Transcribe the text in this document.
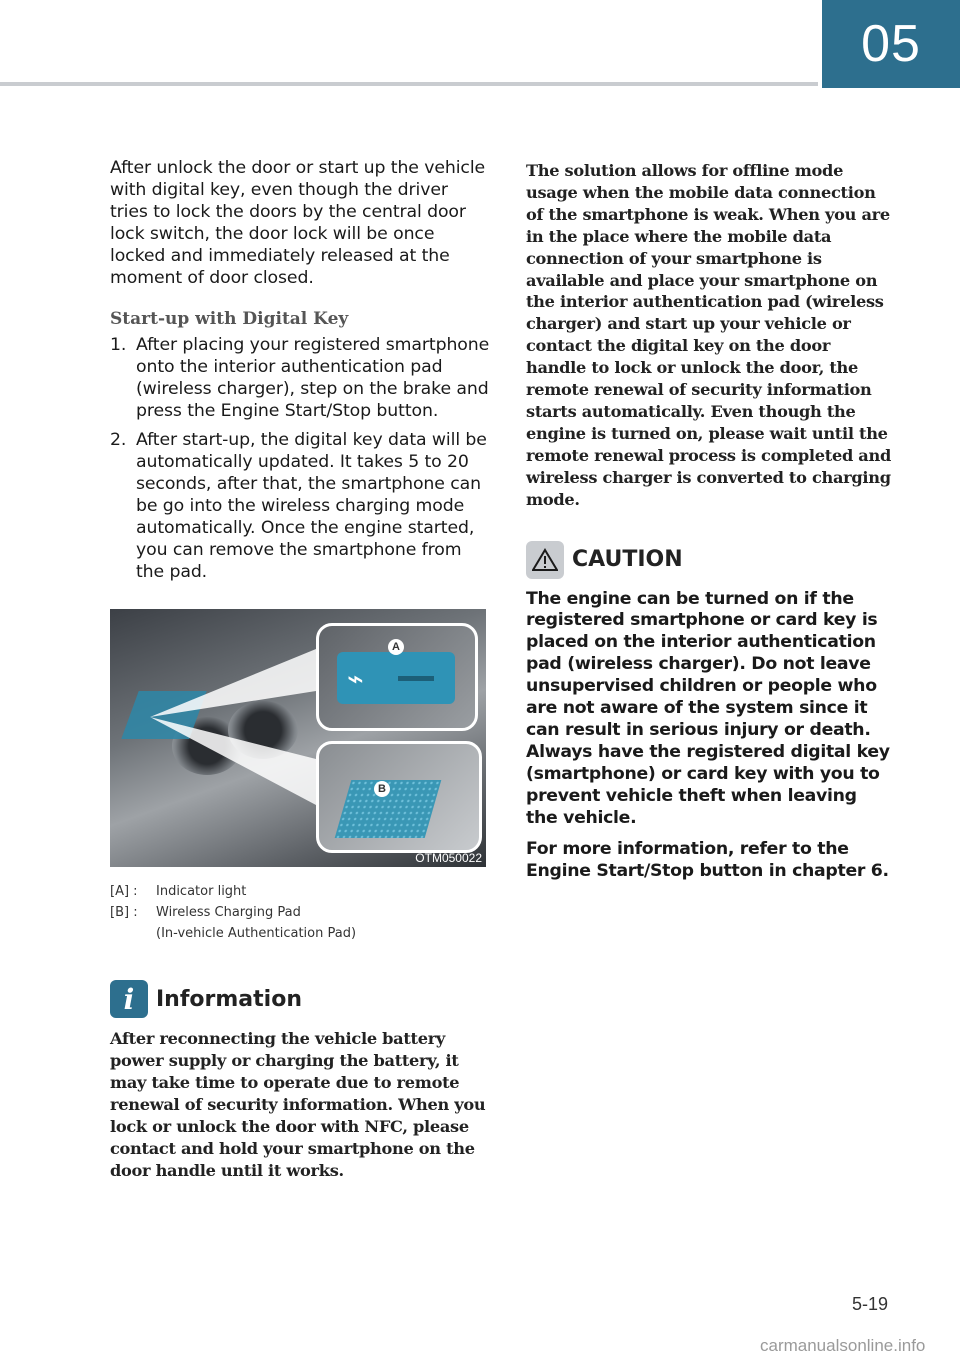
05

After unlock the door or start up the vehicle with digital key, even though the driver tries to lock the doors by the central door lock switch, the door lock will be once locked and immediately released at the moment of door closed.

Start-up with Digital Key
1. After placing your registered smartphone onto the interior authentication pad (wireless charger), step on the brake and press the Engine Start/Stop button.
2. After start-up, the digital key data will be automatically updated. It takes 5 to 20 seconds, after that, the smartphone can be go into the wireless charging mode automatically. Once the engine started, you can remove the smartphone from the pad.
⌁
A
B
OTM050022
[A] :	Indicator light
[B] :	Wireless Charging Pad
(In-vehicle Authentication Pad)
i Information

After reconnecting the vehicle battery power supply or charging the battery, it may take time to operate due to remote renewal of security information. When you lock or unlock the door with NFC, please contact and hold your smartphone on the door handle until it works.

The solution allows for offline mode usage when the mobile data connection of the smartphone is weak. When you are in the place where the mobile data connection of your smartphone is available and place your smartphone on the interior authentication pad (wireless charger) and start up your vehicle or contact the digital key on the door handle to lock or unlock the door, the remote renewal of security information starts automatically. Even though the engine is turned on, please wait until the remote renewal process is completed and wireless charger is converted to charging mode.

CAUTION

The engine can be turned on if the registered smartphone or card key is placed on the interior authentication pad (wireless charger). Do not leave unsupervised children or people who are not aware of the system since it can result in serious injury or death. Always have the registered digital key (smartphone) or card key with you to prevent vehicle theft when leaving the vehicle.

For more information, refer to the Engine Start/Stop button in chapter 6.

5-19
carmanualsonline.info
